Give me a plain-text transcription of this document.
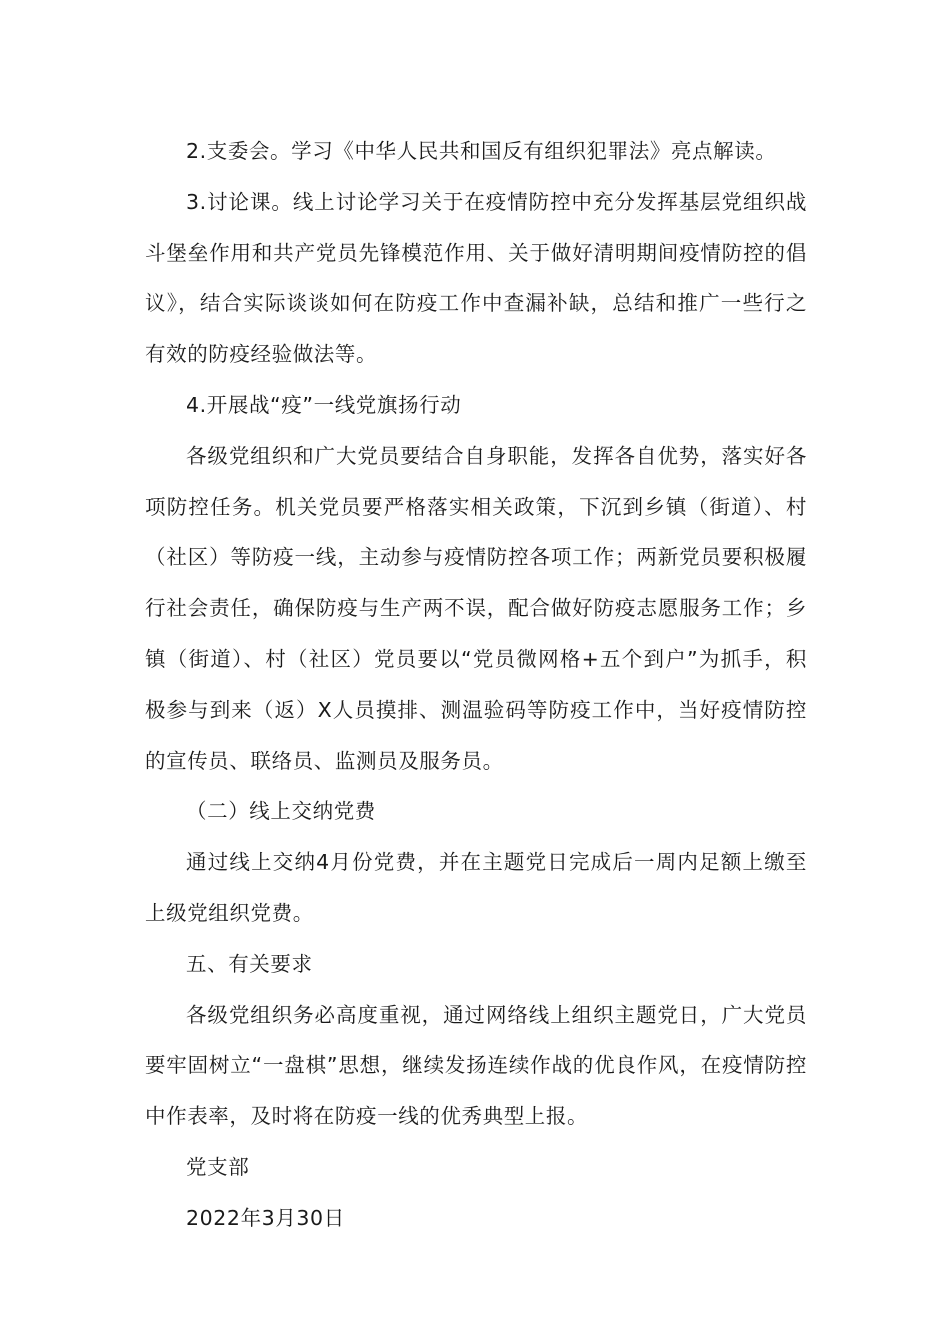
2.支委会。学习《中华人民共和国反有组织犯罪法》亮点解读。

3.讨论课。线上讨论学习关于在疫情防控中充分发挥基层党组织战斗堡垒作用和共产党员先锋模范作用、关于做好清明期间疫情防控的倡议》，结合实际谈谈如何在防疫工作中查漏补缺，总结和推广一些行之有效的防疫经验做法等。

4.开展战“疫”一线党旗扬行动

各级党组织和广大党员要结合自身职能，发挥各自优势，落实好各项防控任务。机关党员要严格落实相关政策，下沉到乡镇（街道）、村（社区）等防疫一线，主动参与疫情防控各项工作；两新党员要积极履行社会责任，确保防疫与生产两不误，配合做好防疫志愿服务工作；乡镇（街道）、村（社区）党员要以“党员微网格+五个到户”为抓手，积极参与到来（返）X人员摸排、测温验码等防疫工作中，当好疫情防控的宣传员、联络员、监测员及服务员。

（二）线上交纳党费

通过线上交纳4月份党费，并在主题党日完成后一周内足额上缴至上级党组织党费。

五、有关要求

各级党组织务必高度重视，通过网络线上组织主题党日，广大党员要牢固树立“一盘棋”思想，继续发扬连续作战的优良作风，在疫情防控中作表率，及时将在防疫一线的优秀典型上报。

党支部

2022年3月30日
